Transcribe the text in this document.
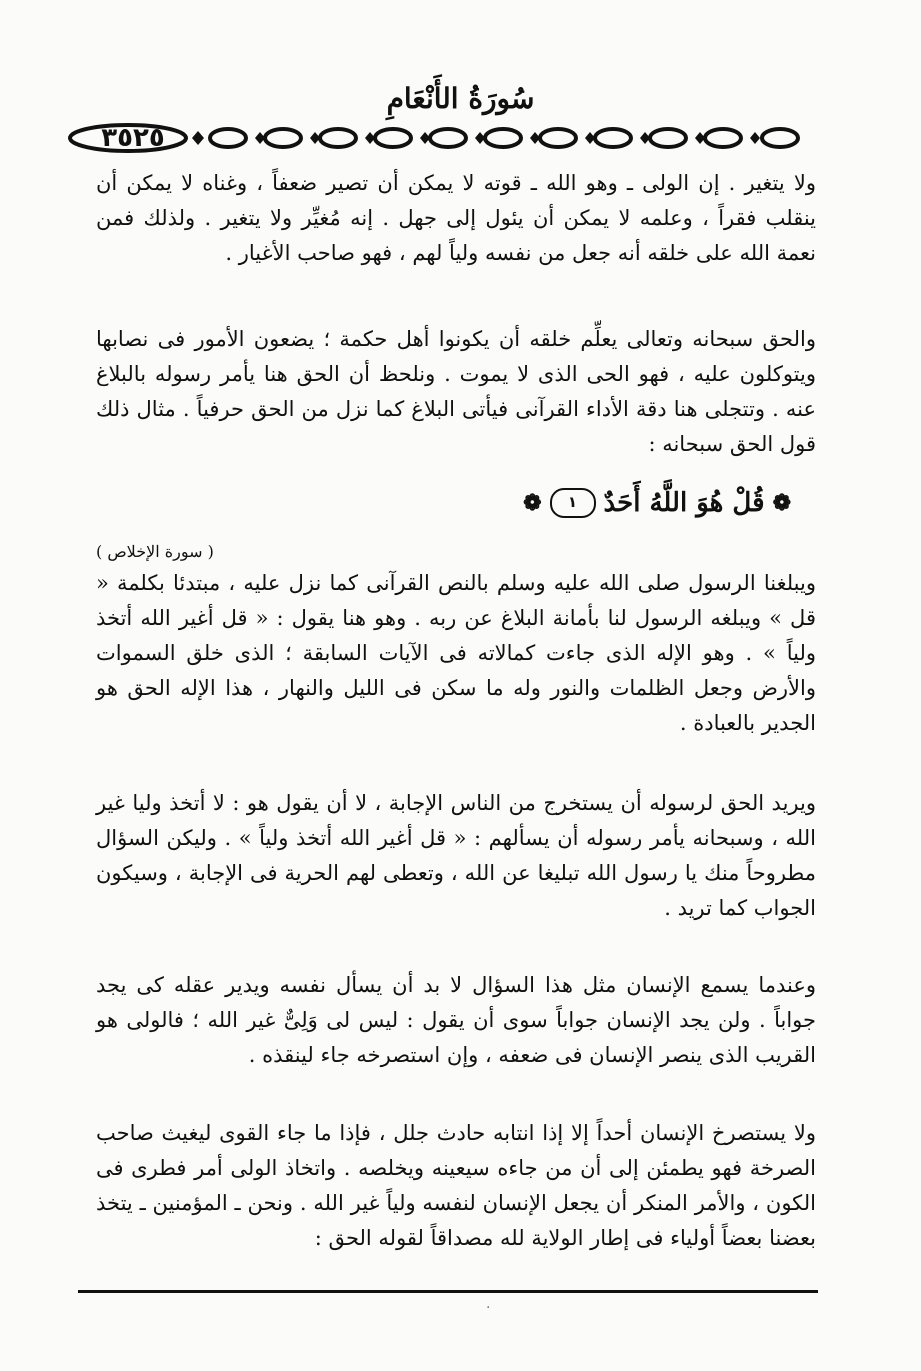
سُورَةُ الأَنْعَامِ
٣٥٢٥
ولا يتغير . إن الولى ـ وهو الله ـ قوته لا يمكن أن تصير ضعفاً ، وغناه لا يمكن أن ينقلب فقراً ، وعلمه لا يمكن أن يئول إلى جهل . إنه مُغيِّر ولا يتغير . ولذلك فمن نعمة الله على خلقه أنه جعل من نفسه ولياً لهم ، فهو صاحب الأغيار .
والحق سبحانه وتعالى يعلِّم خلقه أن يكونوا أهل حكمة ؛ يضعون الأمور فى نصابها ويتوكلون عليه ، فهو الحى الذى لا يموت . ونلحظ أن الحق هنا يأمر رسوله بالبلاغ عنه . وتتجلى هنا دقة الأداء القرآنى فيأتى البلاغ كما نزل من الحق حرفياً . مثال ذلك قول الحق سبحانه :
❁
قُلْ هُوَ اللَّهُ أَحَدٌ
١
❁
( سورة الإخلاص )
ويبلغنا الرسول صلى الله عليه وسلم بالنص القرآنى كما نزل عليه ، مبتدئا بكلمة « قل » ويبلغه الرسول لنا بأمانة البلاغ عن ربه . وهو هنا يقول : « قل أغير الله أتخذ ولياً » . وهو الإله الذى جاءت كمالاته فى الآيات السابقة ؛ الذى خلق السموات والأرض وجعل الظلمات والنور وله ما سكن فى الليل والنهار ، هذا الإله الحق هو الجدير بالعبادة .
ويريد الحق لرسوله أن يستخرج من الناس الإجابة ، لا أن يقول هو : لا أتخذ وليا غير الله ، وسبحانه يأمر رسوله أن يسألهم : « قل أغير الله أتخذ ولياً » . وليكن السؤال مطروحاً منك يا رسول الله تبليغا عن الله ، وتعطى لهم الحرية فى الإجابة ، وسيكون الجواب كما تريد .
وعندما يسمع الإنسان مثل هذا السؤال لا بد أن يسأل نفسه ويدير عقله كى يجد جواباً . ولن يجد الإنسان جواباً سوى أن يقول : ليس لى وَلِىٌّ غير الله ؛ فالولى هو القريب الذى ينصر الإنسان فى ضعفه ، وإن استصرخه جاء لينقذه .
ولا يستصرخ الإنسان أحداً إلا إذا انتابه حادث جلل ، فإذا ما جاء القوى ليغيث صاحب الصرخة فهو يطمئن إلى أن من جاءه سيعينه ويخلصه . واتخاذ الولى أمر فطرى فى الكون ، والأمر المنكر أن يجعل الإنسان لنفسه ولياً غير الله . ونحن ـ المؤمنين ـ يتخذ بعضنا بعضاً أولياء فى إطار الولاية لله مصداقاً لقوله الحق :
·
